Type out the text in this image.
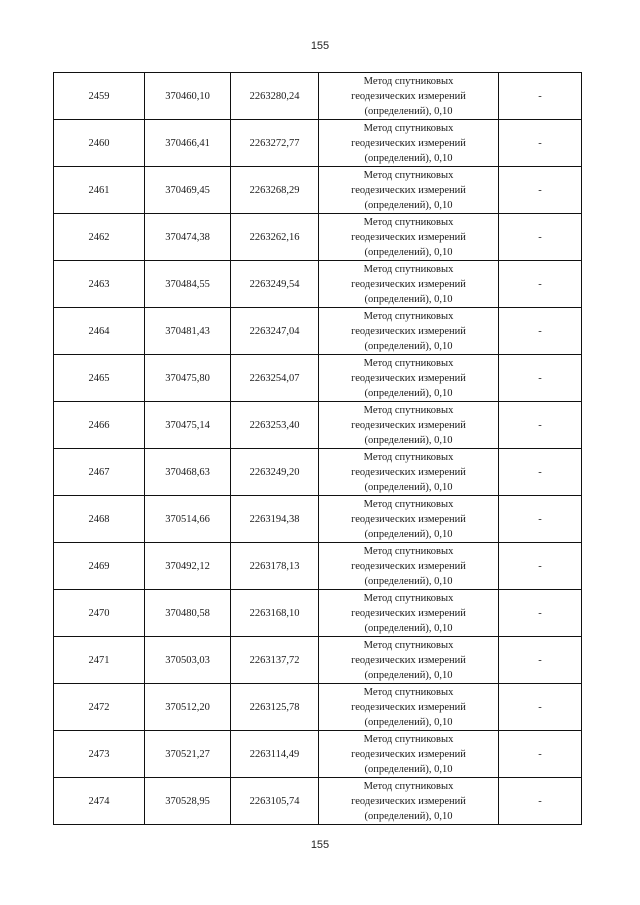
155
2459	370460,10	2263280,24	Метод спутниковых
геодезических измерений
(определений), 0,10	-
2460	370466,41	2263272,77	Метод спутниковых
геодезических измерений
(определений), 0,10	-
2461	370469,45	2263268,29	Метод спутниковых
геодезических измерений
(определений), 0,10	-
2462	370474,38	2263262,16	Метод спутниковых
геодезических измерений
(определений), 0,10	-
2463	370484,55	2263249,54	Метод спутниковых
геодезических измерений
(определений), 0,10	-
2464	370481,43	2263247,04	Метод спутниковых
геодезических измерений
(определений), 0,10	-
2465	370475,80	2263254,07	Метод спутниковых
геодезических измерений
(определений), 0,10	-
2466	370475,14	2263253,40	Метод спутниковых
геодезических измерений
(определений), 0,10	-
2467	370468,63	2263249,20	Метод спутниковых
геодезических измерений
(определений), 0,10	-
2468	370514,66	2263194,38	Метод спутниковых
геодезических измерений
(определений), 0,10	-
2469	370492,12	2263178,13	Метод спутниковых
геодезических измерений
(определений), 0,10	-
2470	370480,58	2263168,10	Метод спутниковых
геодезических измерений
(определений), 0,10	-
2471	370503,03	2263137,72	Метод спутниковых
геодезических измерений
(определений), 0,10	-
2472	370512,20	2263125,78	Метод спутниковых
геодезических измерений
(определений), 0,10	-
2473	370521,27	2263114,49	Метод спутниковых
геодезических измерений
(определений), 0,10	-
2474	370528,95	2263105,74	Метод спутниковых
геодезических измерений
(определений), 0,10	-
155
